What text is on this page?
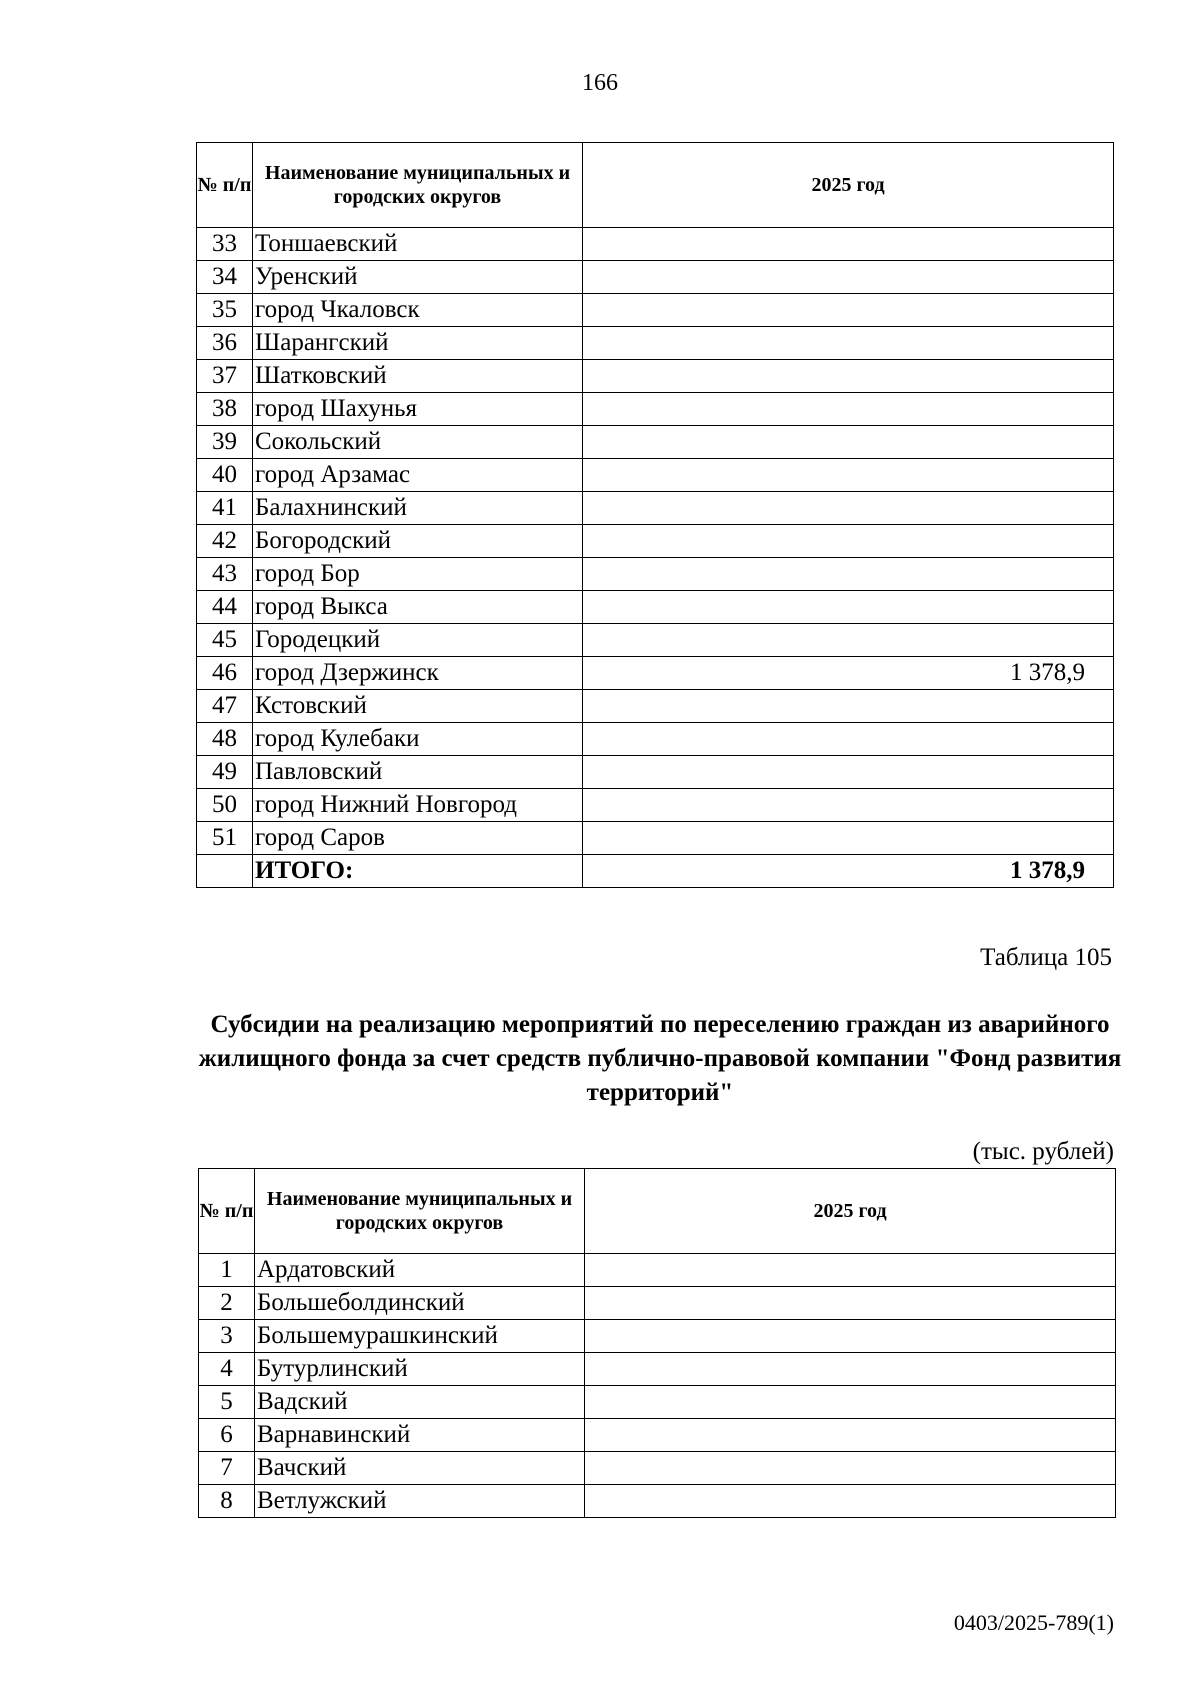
166
№ п/п	Наименование муниципальных и городских округов	2025 год
33	Тоншаевский	
34	Уренский	
35	город Чкаловск	
36	Шарангский	
37	Шатковский	
38	город Шахунья	
39	Сокольский	
40	город Арзамас	
41	Балахнинский	
42	Богородский	
43	город Бор	
44	город Выкса	
45	Городецкий	
46	город Дзержинск	1 378,9
47	Кстовский	
48	город Кулебаки	
49	Павловский	
50	город Нижний Новгород	
51	город Саров	
	ИТОГО:	1 378,9
Таблица 105
Субсидии на реализацию мероприятий по переселению граждан из аварийного жилищного фонда за счет средств публично-правовой компании "Фонд развития территорий"
(тыс. рублей)
№ п/п	Наименование муниципальных и городских округов	2025 год
1	Ардатовский	
2	Большеболдинский	
3	Большемурашкинский	
4	Бутурлинский	
5	Вадский	
6	Варнавинский	
7	Вачский	
8	Ветлужский	
0403/2025-789(1)
